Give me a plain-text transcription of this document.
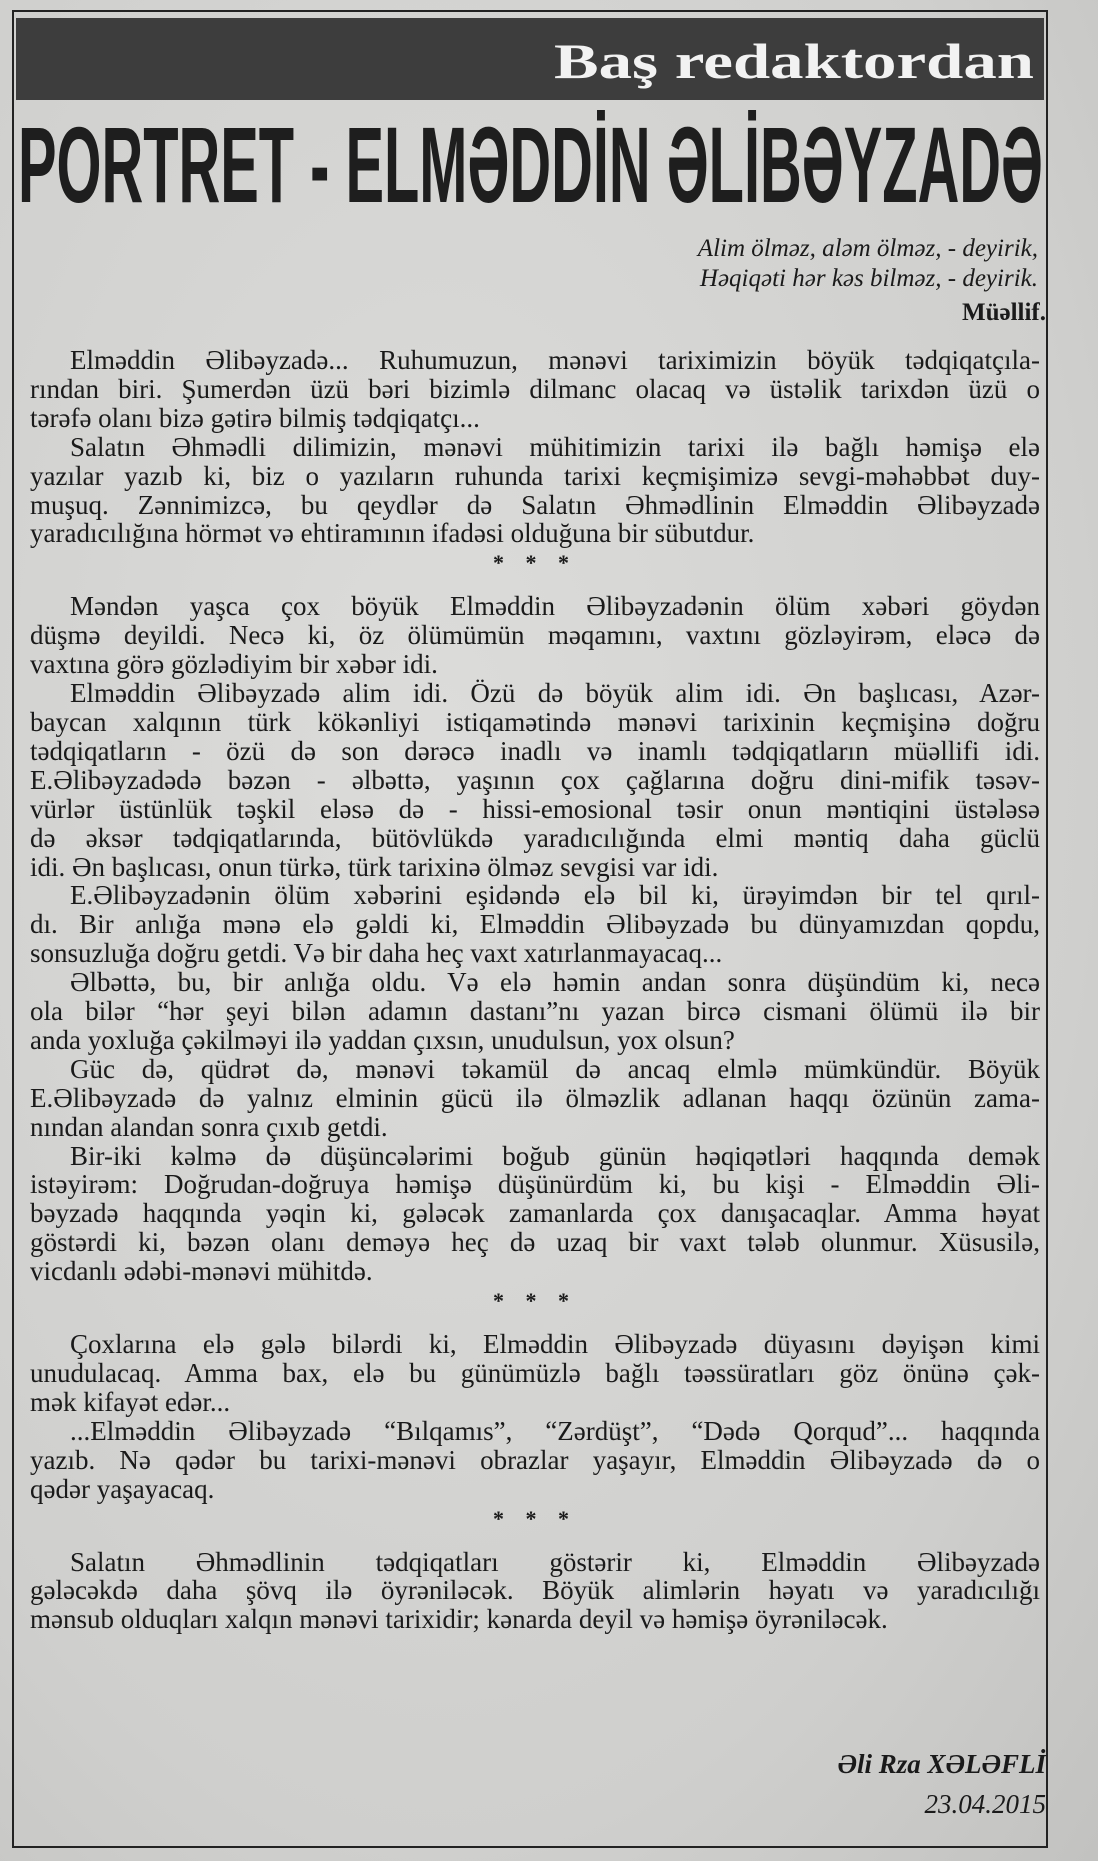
Baş redaktordan
PORTRET - ELMƏDDİN ƏLİBƏYZADƏ
Alim ölməz, aləm ölməz, - deyirik,
Həqiqəti hər kəs bilməz, - deyirik.
Müəllif.
Elməddin Əlibəyzadə... Ruhumuzun, mənəvi tariximizin böyük tədqiqatçıla-
rından biri. Şumerdən üzü bəri bizimlə dilmanc olacaq və üstəlik tarixdən üzü o
tərəfə olanı bizə gətirə bilmiş tədqiqatçı...
Salatın Əhmədli dilimizin, mənəvi mühitimizin tarixi ilə bağlı həmişə elə
yazılar yazıb ki, biz o yazıların ruhunda tarixi keçmişimizə sevgi-məhəbbət duy-
muşuq. Zənnimizcə, bu qeydlər də Salatın Əhmədlinin Elməddin Əlibəyzadə
yaradıcılığına hörmət və ehtiramının ifadəsi olduğuna bir sübutdur.
* * *
Məndən yaşca çox böyük Elməddin Əlibəyzadənin ölüm xəbəri göydən
düşmə deyildi. Necə ki, öz ölümümün məqamını, vaxtını gözləyirəm, eləcə də
vaxtına görə gözlədiyim bir xəbər idi.
Elməddin Əlibəyzadə alim idi. Özü də böyük alim idi. Ən başlıcası, Azər-
baycan xalqının türk kökənliyi istiqamətində mənəvi tarixinin keçmişinə doğru
tədqiqatların - özü də son dərəcə inadlı və inamlı tədqiqatların müəllifi idi.
E.Əlibəyzadədə bəzən - əlbəttə, yaşının çox çağlarına doğru dini-mifik təsəv-
vürlər üstünlük təşkil eləsə də - hissi-emosional təsir onun məntiqini üstələsə
də əksər tədqiqatlarında, bütövlükdə yaradıcılığında elmi məntiq daha güclü
idi. Ən başlıcası, onun türkə, türk tarixinə ölməz sevgisi var idi.
E.Əlibəyzadənin ölüm xəbərini eşidəndə elə bil ki, ürəyimdən bir tel qırıl-
dı. Bir anlığa mənə elə gəldi ki, Elməddin Əlibəyzadə bu dünyamızdan qopdu,
sonsuzluğa doğru getdi. Və bir daha heç vaxt xatırlanmayacaq...
Əlbəttə, bu, bir anlığa oldu. Və elə həmin andan sonra düşündüm ki, necə
ola bilər “hər şeyi bilən adamın dastanı”nı yazan bircə cismani ölümü ilə bir
anda yoxluğa çəkilməyi ilə yaddan çıxsın, unudulsun, yox olsun?
Güc də, qüdrət də, mənəvi təkamül də ancaq elmlə mümkündür. Böyük
E.Əlibəyzadə də yalnız elminin gücü ilə ölməzlik adlanan haqqı özünün zama-
nından alandan sonra çıxıb getdi.
Bir-iki kəlmə də düşüncələrimi boğub günün həqiqətləri haqqında demək
istəyirəm: Doğrudan-doğruya həmişə düşünürdüm ki, bu kişi - Elməddin Əli-
bəyzadə haqqında yəqin ki, gələcək zamanlarda çox danışacaqlar. Amma həyat
göstərdi ki, bəzən olanı deməyə heç də uzaq bir vaxt tələb olunmur. Xüsusilə,
vicdanlı ədəbi-mənəvi mühitdə.
* * *
Çoxlarına elə gələ bilərdi ki, Elməddin Əlibəyzadə düyasını dəyişən kimi
unudulacaq. Amma bax, elə bu günümüzlə bağlı təəssüratları göz önünə çək-
mək kifayət edər...
...Elməddin Əlibəyzadə “Bılqamıs”, “Zərdüşt”, “Dədə Qorqud”... haqqında
yazıb. Nə qədər bu tarixi-mənəvi obrazlar yaşayır, Elməddin Əlibəyzadə də o
qədər yaşayacaq.
* * *
Salatın Əhmədlinin tədqiqatları göstərir ki, Elməddin Əlibəyzadə
gələcəkdə daha şövq ilə öyrəniləcək. Böyük alimlərin həyatı və yaradıcılığı
mənsub olduqları xalqın mənəvi tarixidir; kənarda deyil və həmişə öyrəniləcək.
Əli Rza XƏLƏFLİ
23.04.2015
